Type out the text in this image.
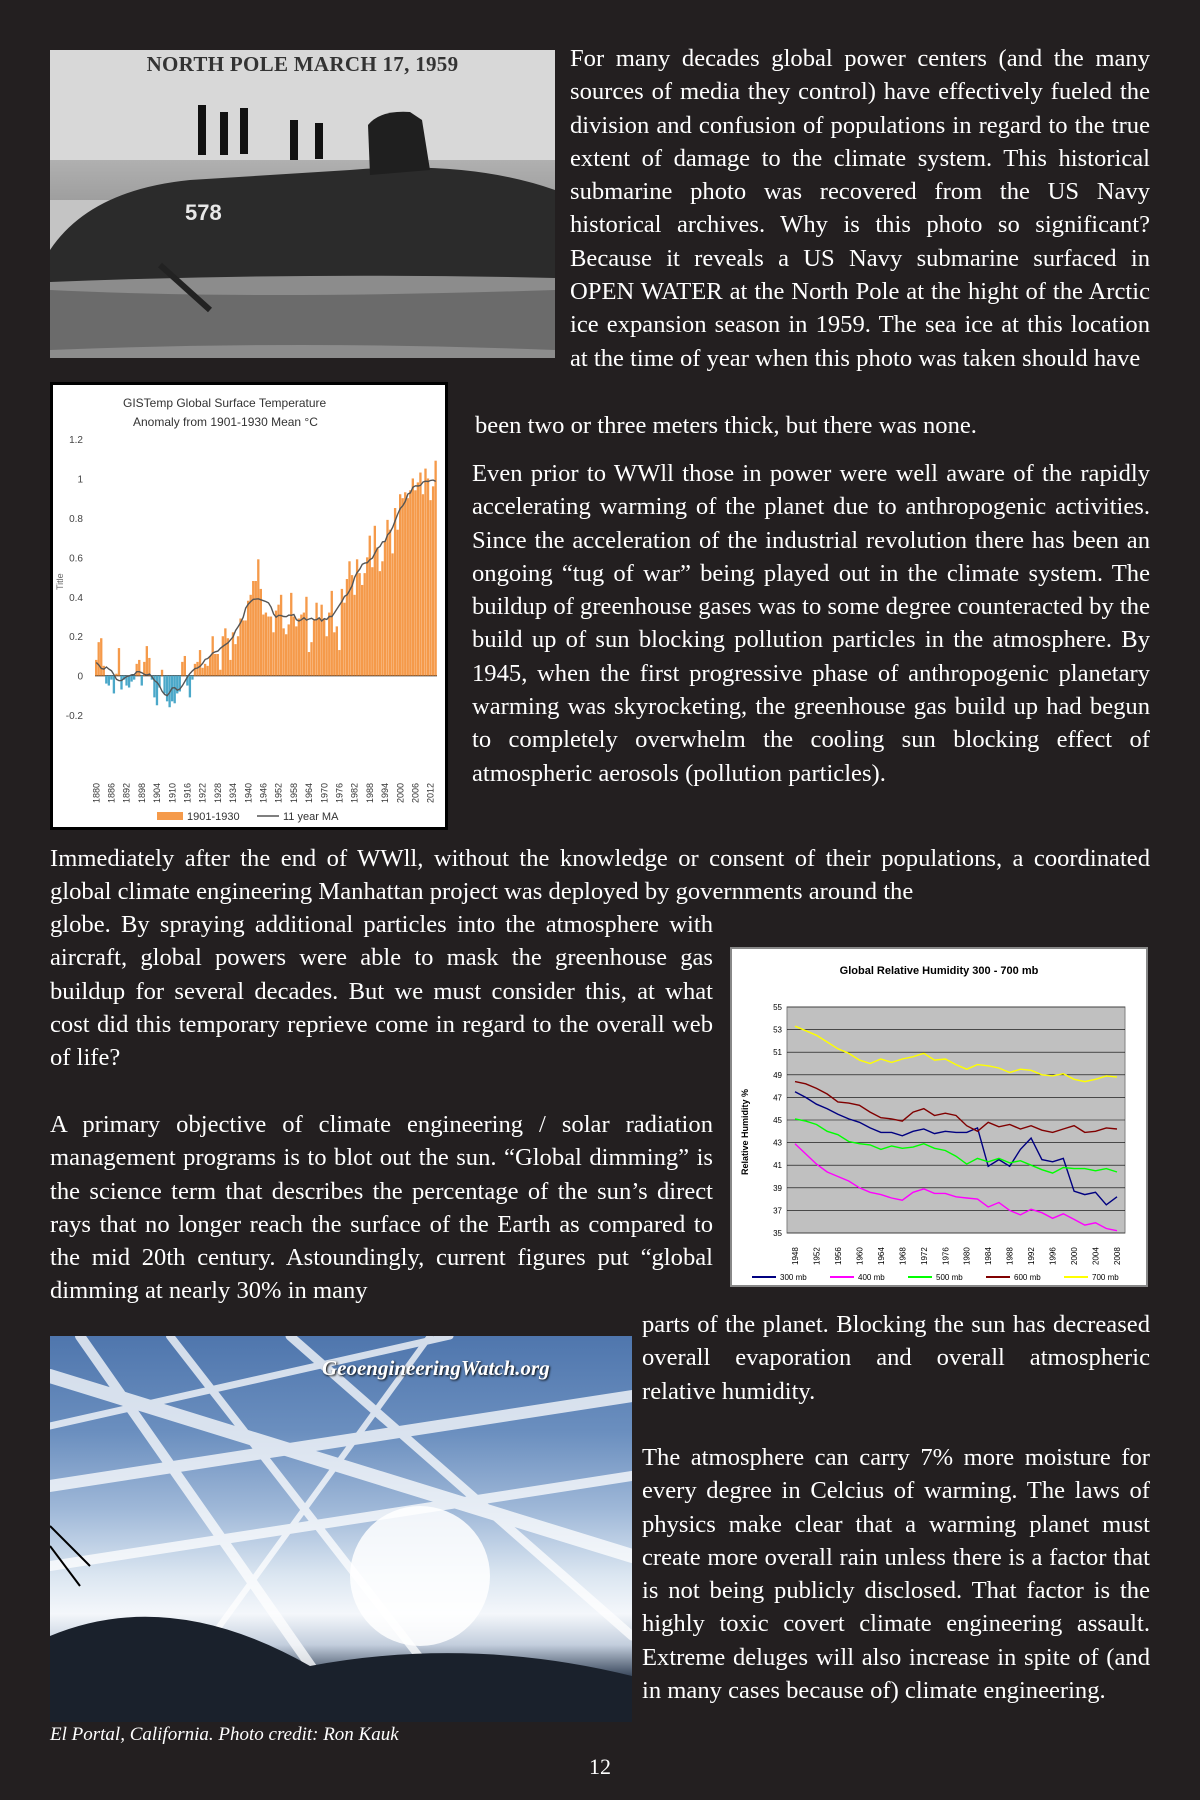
578
NORTH POLE MARCH 17, 1959	For many decades global power centers (and the many sources of media they control) have effectively fueled the division and confusion of populations in regard to the true extent of damage to the climate system. This historical submarine photo was recovered from the US Navy historical archives. Why is this photo so significant? Because it reveals a US Navy submarine surfaced in OPEN WATER at the North Pole at the hight of the Arctic ice expansion season in 1959. The sea ice at this location at the time of year when this photo was taken should have

been two or three meters thick, but there was none.

GISTemp Global Surface Temperature
Anomaly from 1901-1930 Mean °C
Title
1.2
1
0.8
0.6
0.4
0.2
0
-0.2
1880 1886 1892 1898 1904 1910 1916 1922 1928 1934 1940 1946 1952 1958 1964 1970 1976 1982 1988 1994 2000 2006 2012
1901-1930	11 year MA

Even prior to WWll those in power were well aware of the rapidly accelerating warming of the planet due to anthropogenic activities. Since the acceleration of the industrial revolution there has been an ongoing “tug of war” being played out in the climate system. The buildup of greenhouse gases was to some degree counteracted by the build up of sun blocking pollution particles in the atmosphere. By 1945, when the first progressive phase of anthropogenic planetary warming was skyrocketing, the greenhouse gas build up had begun to completely overwhelm the cooling sun blocking effect of atmospheric aerosols (pollution particles).

Immediately after the end of WWll, without the knowledge or consent of their populations, a coordinated global climate engineering Manhattan project was deployed by governments around the

globe. By spraying additional particles into the atmosphere with aircraft, global powers were able to mask the greenhouse gas buildup for several decades. But we must consider this, at what cost did this temporary reprieve come in regard to the overall web of life?

Global Relative Humidity 300 - 700 mb
Relative Humidity %
55
53
51
49
47
45
43
41
39
37
35
1948 1952 1956 1960 1964 1968 1972 1976 1980 1984 1988 1992 1996 2000 2004 2008
300 mb	400 mb	500 mb	600 mb	700 mb

A primary objective of climate engineering / solar radiation management programs is to blot out the sun. “Global dimming” is the science term that describes the percentage of the sun’s direct rays that no longer reach the surface of the Earth as compared to the mid 20th century. Astoundingly, current figures put “global dimming at nearly 30% in many

parts of the planet. Blocking the sun has decreased overall evaporation and overall atmospheric relative humidity.

The atmosphere can carry 7% more moisture for every degree in Celcius of warming. The laws of physics make clear that a warming planet must create more overall rain unless there is a factor that is not being publicly disclosed. That factor is the highly toxic covert climate engineering assault. Extreme deluges will also increase in spite of (and in many cases because of) climate engineering.

GeoengineeringWatch.org
El Portal, California. Photo credit: Ron Kauk
12
